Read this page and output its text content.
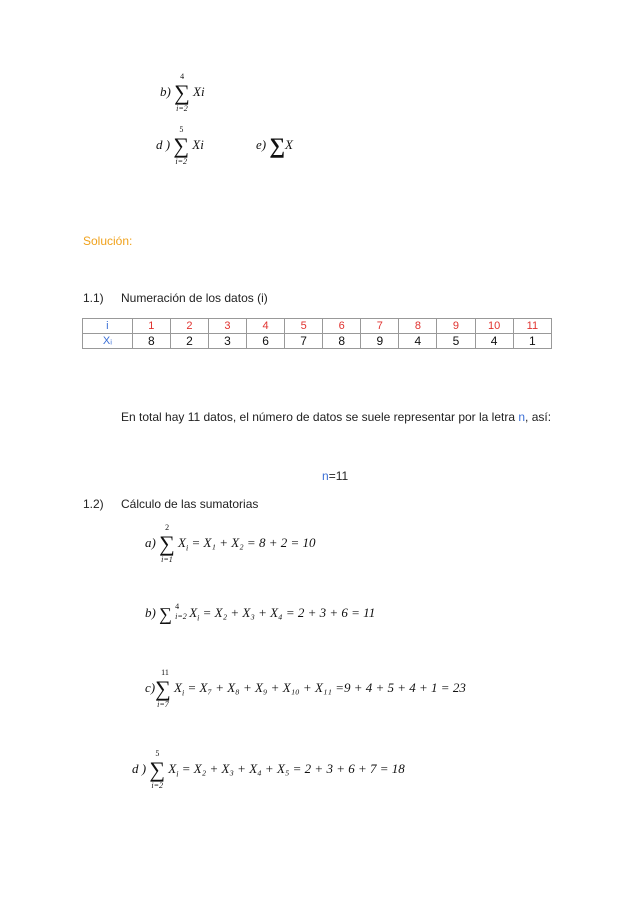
b) ∑
4
i=2
Xi
d ) ∑
5
i=2
Xi	e) ∑X
Solución:
1.1) Numeración de los datos (i)
i	1	2	3	4	5	6	7	8	9	10	11
Xᵢ	8	2	3	6	7	8	9	4	5	4	1
En total hay 11 datos, el número de datos se suele representar por la letra n, así:
n=11
1.2) Cálculo de las sumatorias
a) ∑
2
i=1
$X_i = X_1 + X_2 = 8 + 2 = 10$
b) ∑ 4
i=2 $X_i = X_2 + X_3 + X_4 = 2 + 3 + 6 = 11$
c)∑
11
i=7
$X_i = X_7 + X_8 + X_9 + X_{10} + X_{11} =9 + 4 + 5 + 4 + 1 = 23$
d ) ∑
5
i=2
$X_i = X_2 + X_3 + X_4 + X_5 = 2 + 3 + 6 + 7 = 18$
